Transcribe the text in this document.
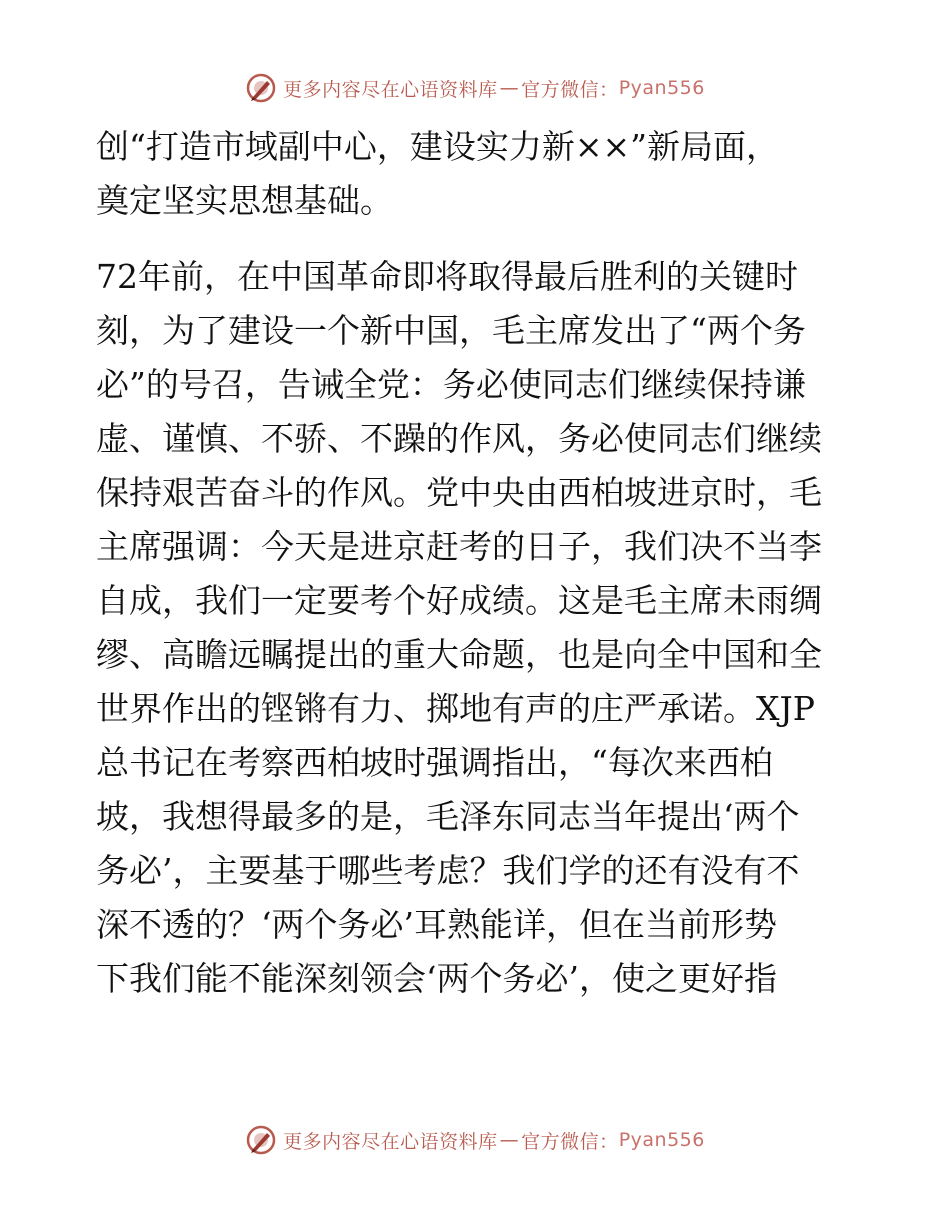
更多内容尽在心语资料库 — 官方微信： Pyan556
创“打造市域副中心，建设实力新××”新局面，
奠定坚实思想基础。
72年前，在中国革命即将取得最后胜利的关键时
刻，为了建设一个新中国，毛主席发出了“两个务
必”的号召，告诫全党：务必使同志们继续保持谦
虚、谨慎、不骄、不躁的作风，务必使同志们继续
保持艰苦奋斗的作风。党中央由西柏坡进京时，毛
主席强调：今天是进京赶考的日子，我们决不当李
自成，我们一定要考个好成绩。这是毛主席未雨绸
缪、高瞻远瞩提出的重大命题，也是向全中国和全
世界作出的铿锵有力、掷地有声的庄严承诺。XJP
总书记在考察西柏坡时强调指出，“每次来西柏
坡，我想得最多的是，毛泽东同志当年提出‘两个
务必’，主要基于哪些考虑？我们学的还有没有不
深不透的？‘两个务必’耳熟能详，但在当前形势
下我们能不能深刻领会‘两个务必’，使之更好指
更多内容尽在心语资料库 — 官方微信： Pyan556
